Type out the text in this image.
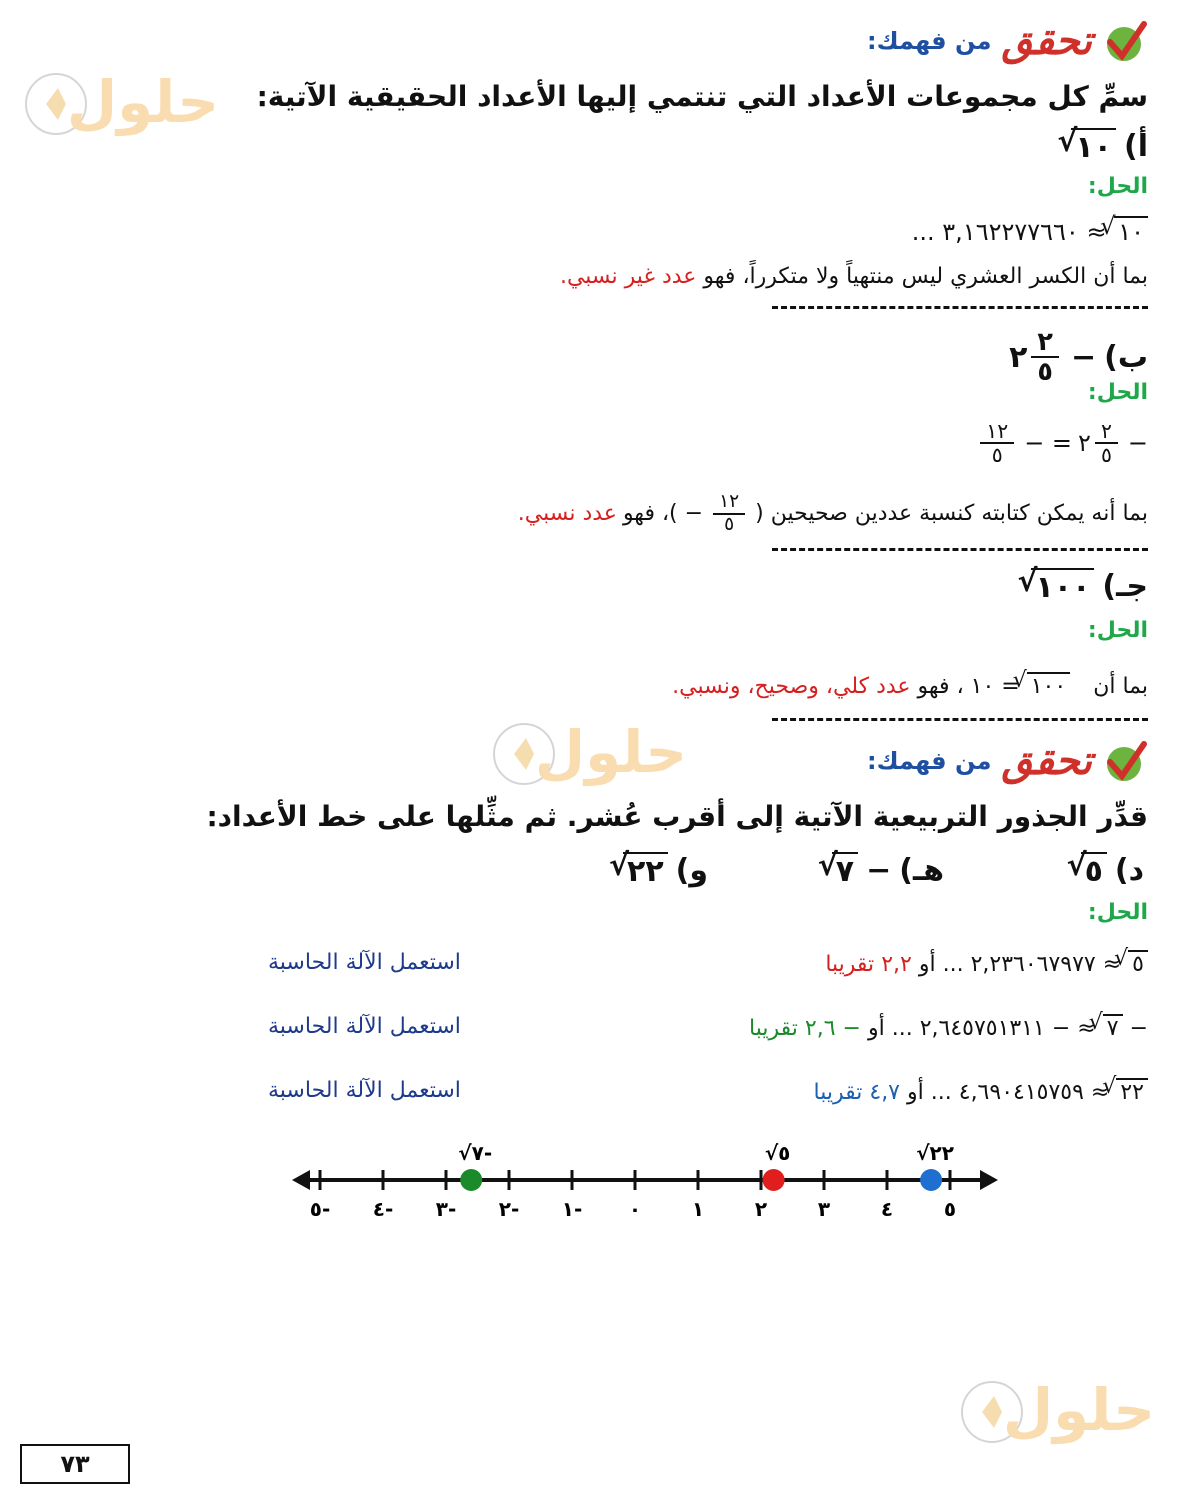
حلول
حلول
حلول
تحقق
من فهمك:
سمِّ كل مجموعات الأعداد التي تنتمي إليها الأعداد الحقيقية الآتية:
أ)
١٠ √
الحل:
١٠ √ ≈ ٣,١٦٢٢٧٧٦٦٠ ...
بما أن الكسر العشري ليس منتهياً ولا متكرراً، فهو عدد غير نسبي.
ب)
−
٢ $\frac{٢}{٥}$
الحل:
−
٢ $\frac{٢}{٥}$
= −
$\frac{١٢}{٥}$
بما أنه يمكن كتابته كنسبة عددين صحيحين (
$\frac{١٢}{٥}$
− )، فهو
عدد نسبي.
جـ)
١٠٠ √
الحل:
بما أن ١٠٠ √ = ١٠ ، فهو عدد كلي، وصحيح، ونسبي.
تحقق
من فهمك:
قدِّر الجذور التربيعية الآتية إلى أقرب عُشر. ثم مثِّلها على خط الأعداد:
د)
٥ √
هـ)
−
٧ √
و)
٢٢ √
الحل:
٥ √ ≈ ٢,٢٣٦٠٦٧٩٧٧ ... أو ٢,٢ تقريبا
استعمل الآلة الحاسبة
− ٧ √ ≈ − ٢,٦٤٥٧٥١٣١١ ... أو − ٢,٦ تقريبا
استعمل الآلة الحاسبة
٢٢ √ ≈ ٤,٦٩٠٤١٥٧٥٩ ... أو ٤,٧ تقريبا
استعمل الآلة الحاسبة
٥- ٤- ٣- ٢- ١- ٠	١	٢	٣	٤	٥
√٧-	√٥	√٢٢
٧٣
